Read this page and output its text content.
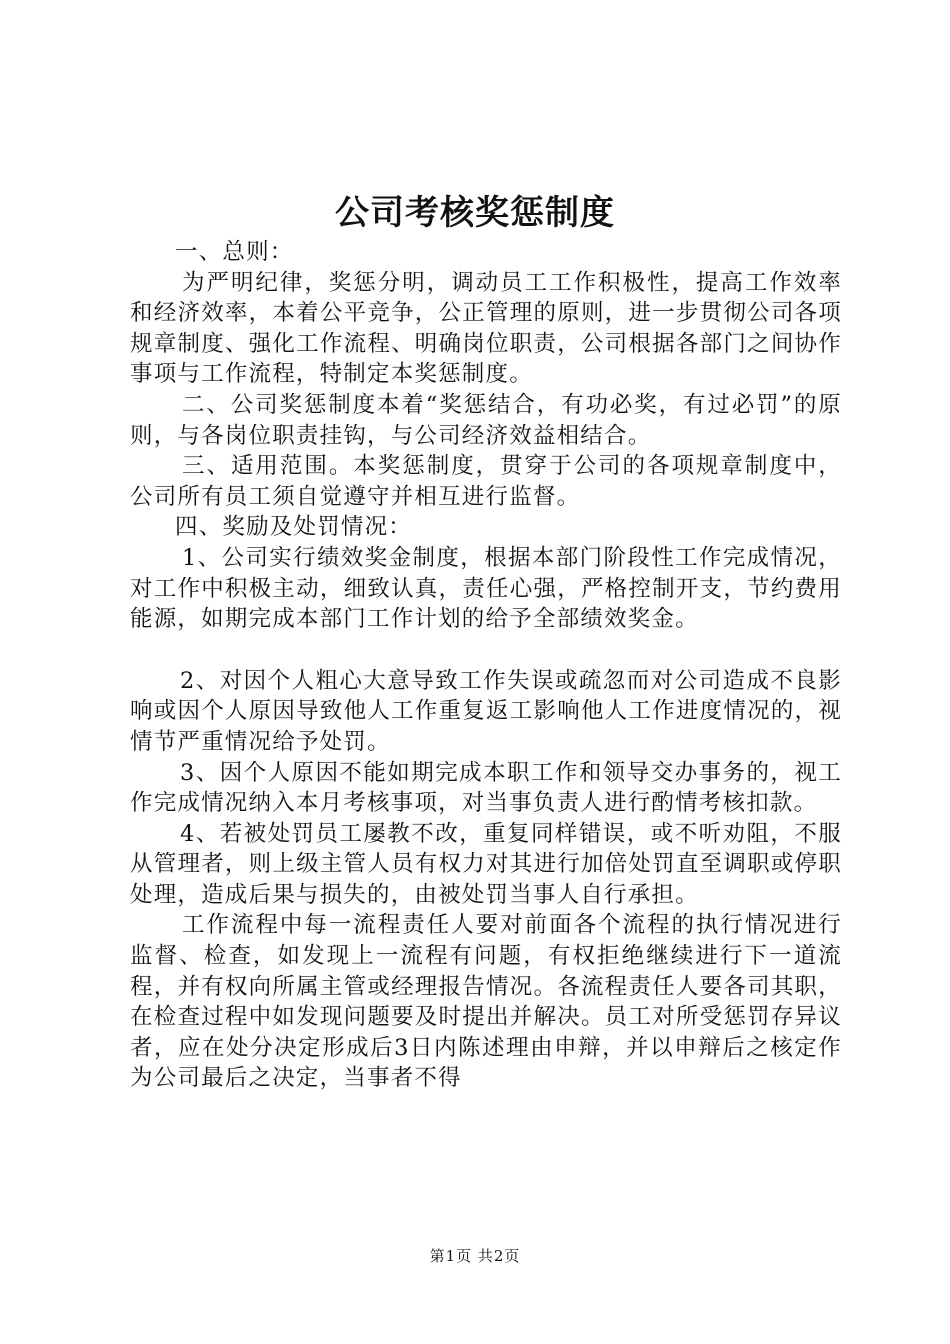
公司考核奖惩制度

一、总则：

为严明纪律，奖惩分明，调动员工工作积极性，提高工作效率和经济效率，本着公平竞争，公正管理的原则，进一步贯彻公司各项规章制度、强化工作流程、明确岗位职责，公司根据各部门之间协作事项与工作流程，特制定本奖惩制度。

二、公司奖惩制度本着“奖惩结合，有功必奖，有过必罚”的原则，与各岗位职责挂钩，与公司经济效益相结合。

三、适用范围。本奖惩制度，贯穿于公司的各项规章制度中，公司所有员工须自觉遵守并相互进行监督。

四、奖励及处罚情况：

1、公司实行绩效奖金制度，根据本部门阶段性工作完成情况，对工作中积极主动，细致认真，责任心强，严格控制开支，节约费用能源，如期完成本部门工作计划的给予全部绩效奖金。

2、对因个人粗心大意导致工作失误或疏忽而对公司造成不良影响或因个人原因导致他人工作重复返工影响他人工作进度情况的，视情节严重情况给予处罚。

3、因个人原因不能如期完成本职工作和领导交办事务的，视工作完成情况纳入本月考核事项，对当事负责人进行酌情考核扣款。

4、若被处罚员工屡教不改，重复同样错误，或不听劝阻，不服从管理者，则上级主管人员有权力对其进行加倍处罚直至调职或停职处理，造成后果与损失的，由被处罚当事人自行承担。

工作流程中每一流程责任人要对前面各个流程的执行情况进行监督、检查，如发现上一流程有问题，有权拒绝继续进行下一道流程，并有权向所属主管或经理报告情况。各流程责任人要各司其职，在检查过程中如发现问题要及时提出并解决。员工对所受惩罚存异议者，应在处分决定形成后3日内陈述理由申辩，并以申辩后之核定作为公司最后之决定，当事者不得

第1页 共2页
